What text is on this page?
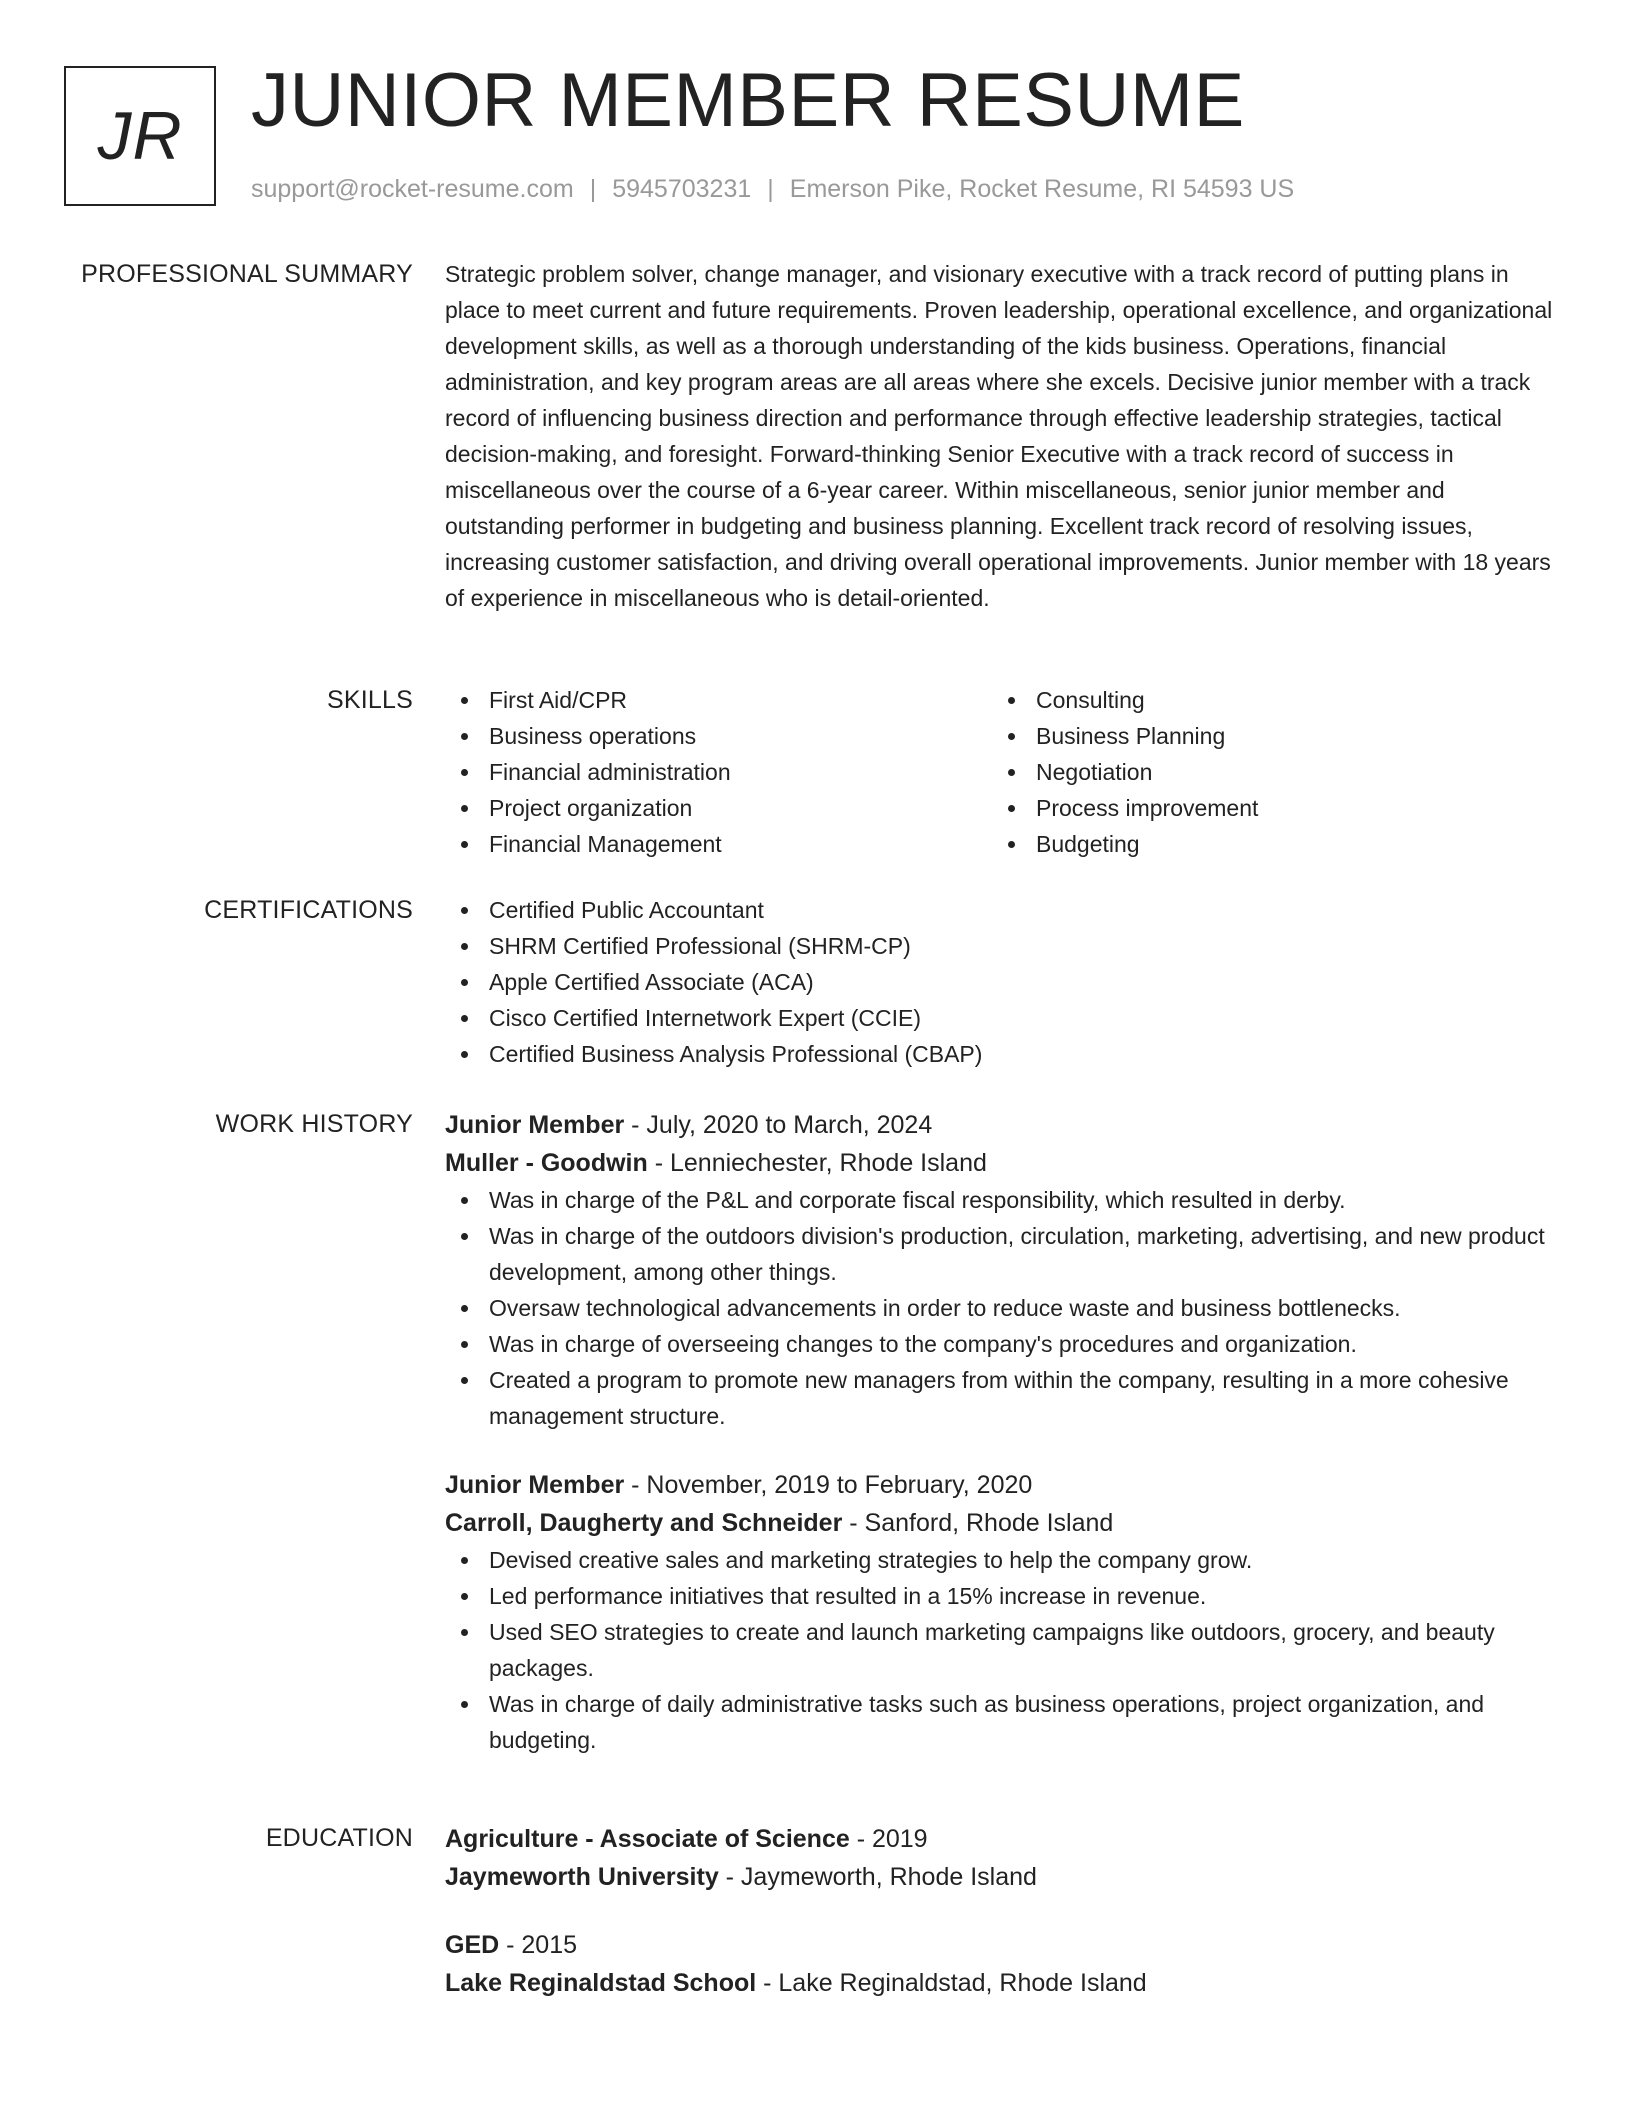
JR JUNIOR MEMBER RESUME
support@rocket-resume.com | 5945703231 | Emerson Pike, Rocket Resume, RI 54593 US
PROFESSIONAL SUMMARY Strategic problem solver, change manager, and visionary executive with a track record of putting plans in place to meet current and future requirements. Proven leadership, operational excellence, and organizational development skills, as well as a thorough understanding of the kids business. Operations, financial administration, and key program areas are all areas where she excels. Decisive junior member with a track record of influencing business direction and performance through effective leadership strategies, tactical decision-making, and foresight. Forward-thinking Senior Executive with a track record of success in miscellaneous over the course of a 6-year career. Within miscellaneous, senior junior member and outstanding performer in budgeting and business planning. Excellent track record of resolving issues, increasing customer satisfaction, and driving overall operational improvements. Junior member with 18 years of experience in miscellaneous who is detail-oriented.

SKILLS	First Aid/CPR
Business operations
Financial administration
Project organization
Financial Management
Consulting
Business Planning
Negotiation
Process improvement
Budgeting
CERTIFICATIONS	Certified Public Accountant
SHRM Certified Professional (SHRM-CP)
Apple Certified Associate (ACA)
Cisco Certified Internetwork Expert (CCIE)
Certified Business Analysis Professional (CBAP)
WORK HISTORY Junior Member - July, 2020 to March, 2024
Muller - Goodwin - Lenniechester, Rhode Island
Was in charge of the P&L and corporate fiscal responsibility, which resulted in derby.
Was in charge of the outdoors division's production, circulation, marketing, advertising, and new product development, among other things.
Oversaw technological advancements in order to reduce waste and business bottlenecks.
Was in charge of overseeing changes to the company's procedures and organization.
Created a program to promote new managers from within the company, resulting in a more cohesive management structure.
Junior Member - November, 2019 to February, 2020
Carroll, Daugherty and Schneider - Sanford, Rhode Island
Devised creative sales and marketing strategies to help the company grow.
Led performance initiatives that resulted in a 15% increase in revenue.
Used SEO strategies to create and launch marketing campaigns like outdoors, grocery, and beauty packages.
Was in charge of daily administrative tasks such as business operations, project organization, and budgeting.
EDUCATION Agriculture - Associate of Science - 2019
Jaymeworth University - Jaymeworth, Rhode Island
GED - 2015
Lake Reginaldstad School - Lake Reginaldstad, Rhode Island
